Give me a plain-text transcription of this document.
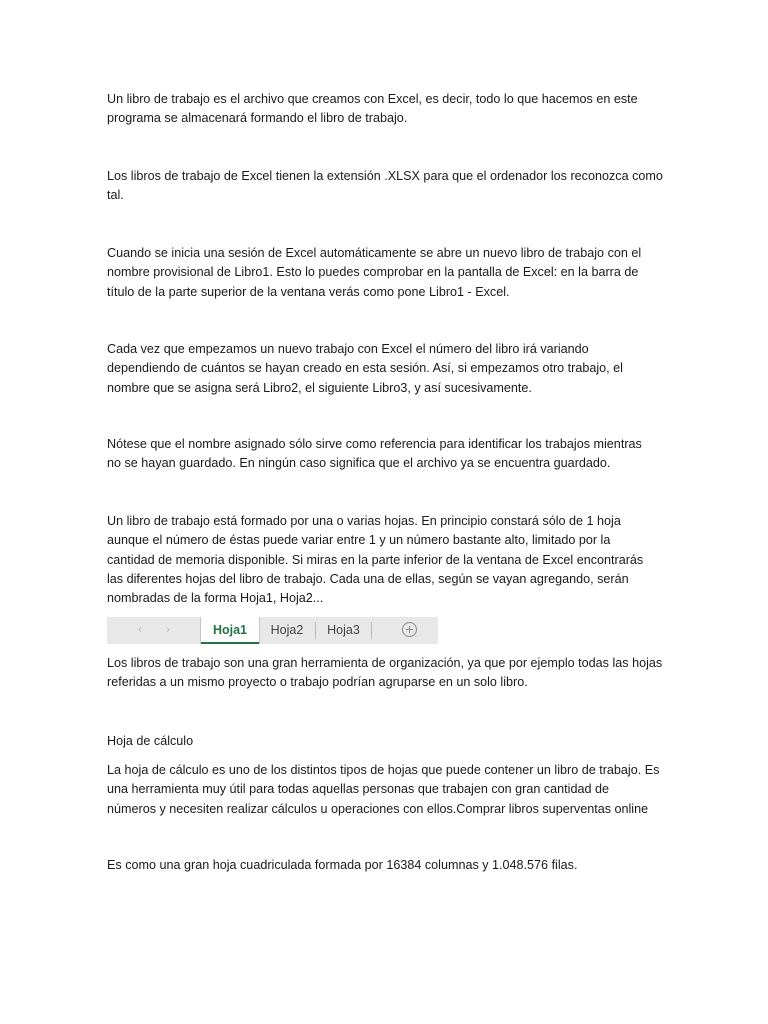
Un libro de trabajo es el archivo que creamos con Excel, es decir, todo lo que hacemos en este
programa se almacenará formando el libro de trabajo.

Los libros de trabajo de Excel tienen la extensión .XLSX para que el ordenador los reconozca como
tal.

Cuando se inicia una sesión de Excel automáticamente se abre un nuevo libro de trabajo con el
nombre provisional de Libro1. Esto lo puedes comprobar en la pantalla de Excel: en la barra de
título de la parte superior de la ventana verás como pone Libro1 - Excel.

Cada vez que empezamos un nuevo trabajo con Excel el número del libro irá variando
dependiendo de cuántos se hayan creado en esta sesión. Así, si empezamos otro trabajo, el
nombre que se asigna será Libro2, el siguiente Libro3, y así sucesivamente.

Nótese que el nombre asignado sólo sirve como referencia para identificar los trabajos mientras
no se hayan guardado. En ningún caso significa que el archivo ya se encuentra guardado.

Un libro de trabajo está formado por una o varias hojas. En principio constará sólo de 1 hoja
aunque el número de éstas puede variar entre 1 y un número bastante alto, limitado por la
cantidad de memoria disponible. Si miras en la parte inferior de la ventana de Excel encontrarás
las diferentes hojas del libro de trabajo. Cada una de ellas, según se vayan agregando, serán
nombradas de la forma Hoja1, Hoja2...

‹	›	Hoja1	Hoja2	Hoja3

Los libros de trabajo son una gran herramienta de organización, ya que por ejemplo todas las hojas
referidas a un mismo proyecto o trabajo podrían agruparse en un solo libro.

Hoja de cálculo

La hoja de cálculo es uno de los distintos tipos de hojas que puede contener un libro de trabajo. Es
una herramienta muy útil para todas aquellas personas que trabajen con gran cantidad de
números y necesiten realizar cálculos u operaciones con ellos.Comprar libros superventas online

Es como una gran hoja cuadriculada formada por 16384 columnas y 1.048.576 filas.
